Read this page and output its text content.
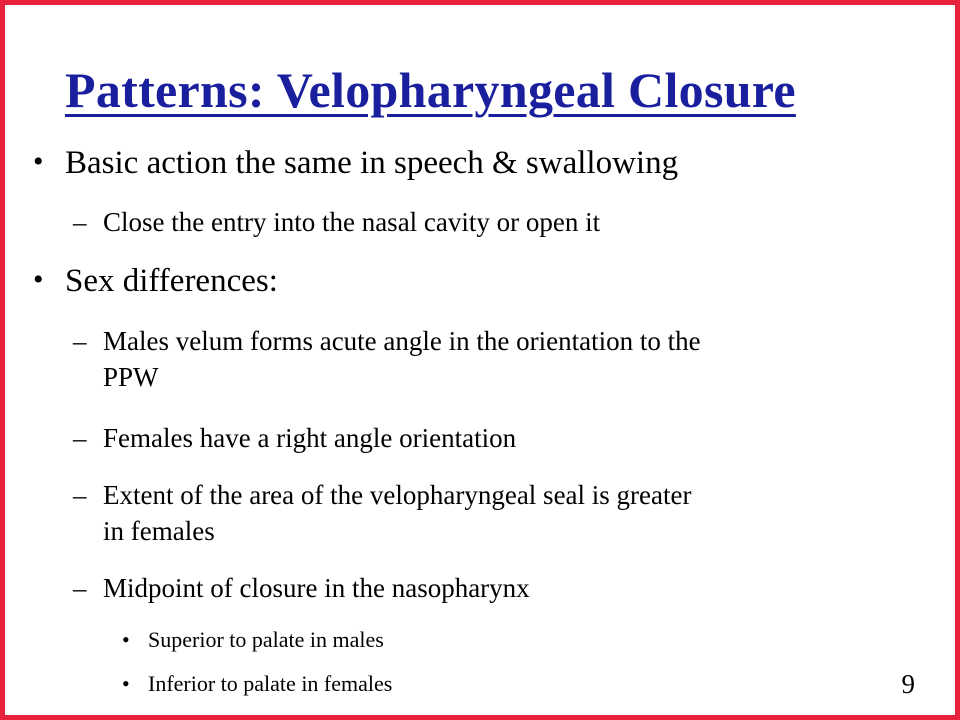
Patterns: Velopharyngeal Closure
• Basic action the same in speech & swallowing
– Close the entry into the nasal cavity or open it
• Sex differences:
– Males velum forms acute angle in the orientation to the
PPW
– Females have a right angle orientation
– Extent of the area of the velopharyngeal seal is greater
in females
– Midpoint of closure in the nasopharynx
• Superior to palate in males
• Inferior to palate in females	9
